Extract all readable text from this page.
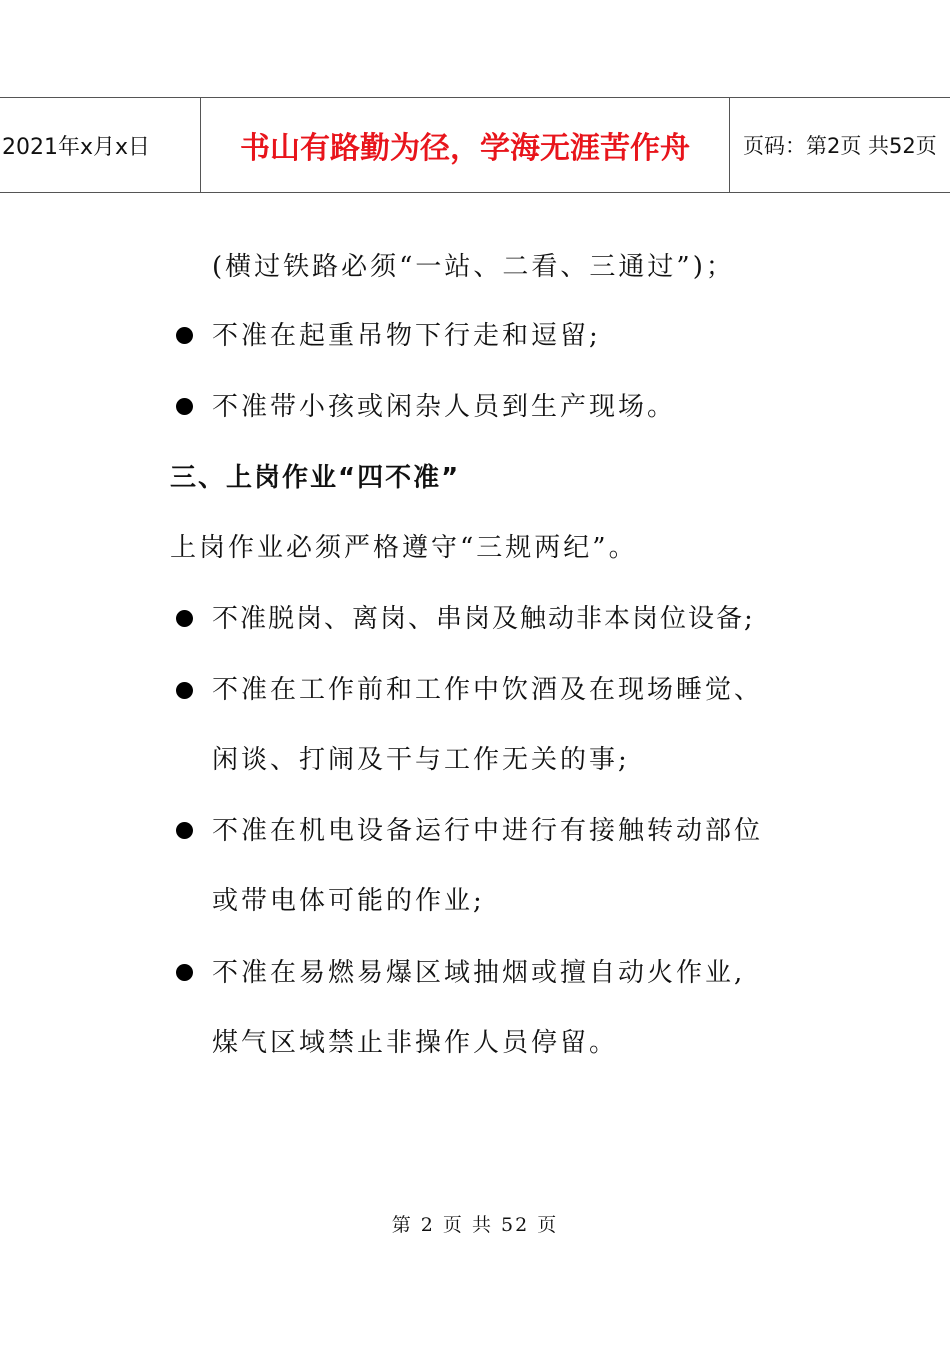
2021年x月x日	书山有路勤为径，学海无涯苦作舟	页码：第2页 共52页
(横过铁路必须“一站、二看、三通过”)；
不准在起重吊物下行走和逗留;
不准带小孩或闲杂人员到生产现场。
三、上岗作业“四不准”
上岗作业必须严格遵守“三规两纪”。
不准脱岗、离岗、串岗及触动非本岗位设备;
不准在工作前和工作中饮酒及在现场睡觉、
闲谈、打闹及干与工作无关的事;
不准在机电设备运行中进行有接触转动部位
或带电体可能的作业;
不准在易燃易爆区域抽烟或擅自动火作业,
煤气区域禁止非操作人员停留。
第 2 页 共 52 页
